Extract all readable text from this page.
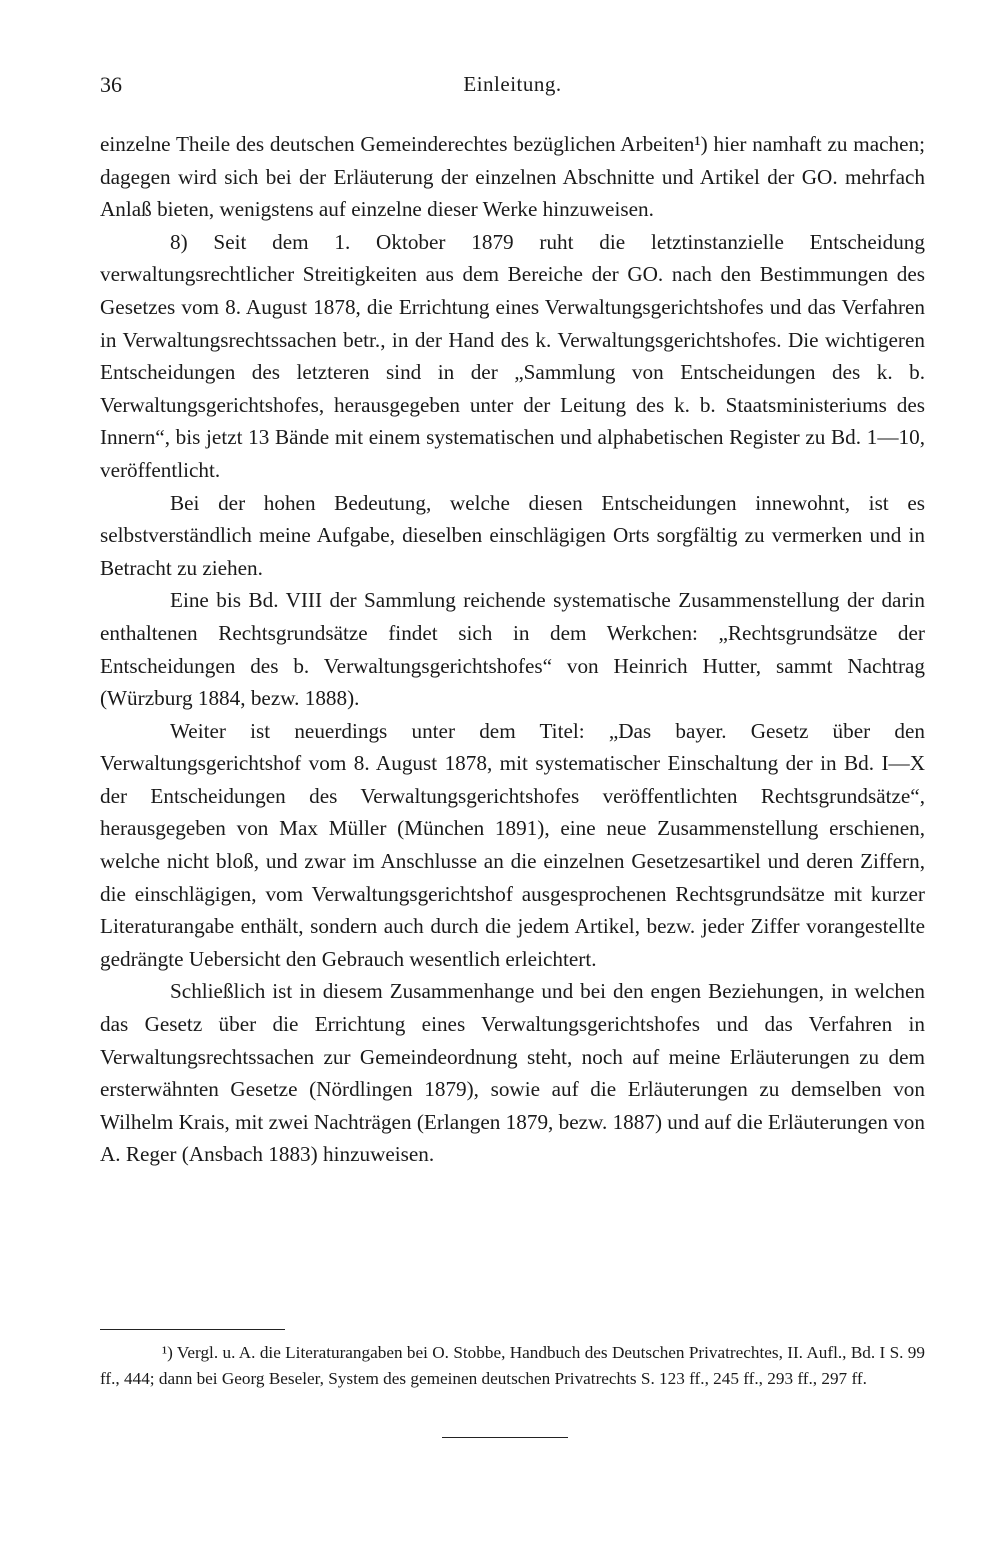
36	Einleitung.

einzelne Theile des deutschen Gemeinderechtes bezüglichen Arbeiten¹) hier namhaft zu machen; dagegen wird sich bei der Erläuterung der einzelnen Abschnitte und Artikel der GO. mehrfach Anlaß bieten, wenigstens auf einzelne dieser Werke hinzuweisen.

8) Seit dem 1. Oktober 1879 ruht die letztinstanzielle Entscheidung verwaltungsrechtlicher Streitigkeiten aus dem Bereiche der GO. nach den Bestimmungen des Gesetzes vom 8. August 1878, die Errichtung eines Verwaltungsgerichtshofes und das Verfahren in Verwaltungsrechtssachen betr., in der Hand des k. Verwaltungsgerichtshofes. Die wichtigeren Entscheidungen des letzteren sind in der „Sammlung von Entscheidungen des k. b. Verwaltungsgerichtshofes, herausgegeben unter der Leitung des k. b. Staatsministeriums des Innern“, bis jetzt 13 Bände mit einem systematischen und alphabetischen Register zu Bd. 1—10, veröffentlicht.

Bei der hohen Bedeutung, welche diesen Entscheidungen innewohnt, ist es selbstverständlich meine Aufgabe, dieselben einschlägigen Orts sorgfältig zu vermerken und in Betracht zu ziehen.

Eine bis Bd. VIII der Sammlung reichende systematische Zusammenstellung der darin enthaltenen Rechtsgrundsätze findet sich in dem Werkchen: „Rechtsgrundsätze der Entscheidungen des b. Verwaltungsgerichtshofes“ von Heinrich Hutter, sammt Nachtrag (Würzburg 1884, bezw. 1888).

Weiter ist neuerdings unter dem Titel: „Das bayer. Gesetz über den Verwaltungsgerichtshof vom 8. August 1878, mit systematischer Einschaltung der in Bd. I—X der Entscheidungen des Verwaltungsgerichtshofes veröffentlichten Rechtsgrundsätze“, herausgegeben von Max Müller (München 1891), eine neue Zusammenstellung erschienen, welche nicht bloß, und zwar im Anschlusse an die einzelnen Gesetzesartikel und deren Ziffern, die einschlägigen, vom Verwaltungsgerichtshof ausgesprochenen Rechtsgrundsätze mit kurzer Literaturangabe enthält, sondern auch durch die jedem Artikel, bezw. jeder Ziffer vorangestellte gedrängte Uebersicht den Gebrauch wesentlich erleichtert.

Schließlich ist in diesem Zusammenhange und bei den engen Beziehungen, in welchen das Gesetz über die Errichtung eines Verwaltungsgerichtshofes und das Verfahren in Verwaltungsrechtssachen zur Gemeindeordnung steht, noch auf meine Erläuterungen zu dem ersterwähnten Gesetze (Nördlingen 1879), sowie auf die Erläuterungen zu demselben von Wilhelm Krais, mit zwei Nachträgen (Erlangen 1879, bezw. 1887) und auf die Erläuterungen von A. Reger (Ansbach 1883) hinzuweisen.

¹) Vergl. u. A. die Literaturangaben bei O. Stobbe, Handbuch des Deutschen Privatrechtes, II. Aufl., Bd. I S. 99 ff., 444; dann bei Georg Beseler, System des gemeinen deutschen Privatrechts S. 123 ff., 245 ff., 293 ff., 297 ff.
